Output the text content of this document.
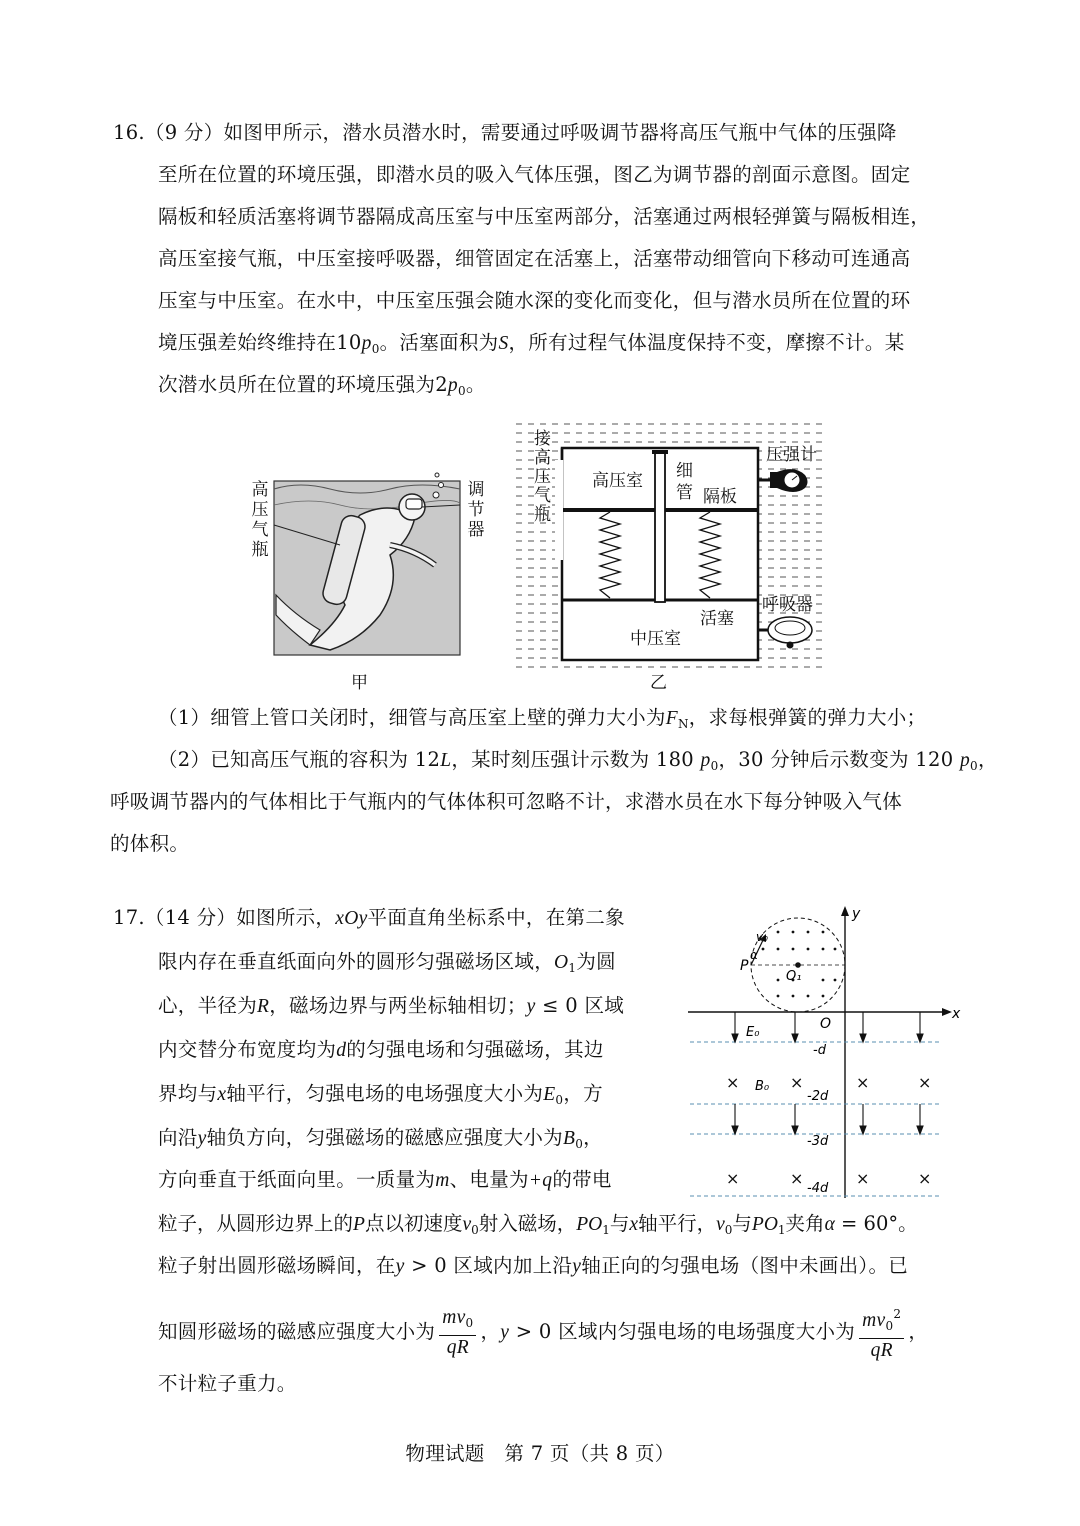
16.（9 分）如图甲所示，潜水员潜水时，需要通过呼吸调节器将高压气瓶中气体的压强降
至所在位置的环境压强，即潜水员的吸入气体压强，图乙为调节器的剖面示意图。固定
隔板和轻质活塞将调节器隔成高压室与中压室两部分，活塞通过两根轻弹簧与隔板相连，
高压室接气瓶，中压室接呼吸器，细管固定在活塞上，活塞带动细管向下移动可连通高
压室与中压室。在水中，中压室压强会随水深的变化而变化，但与潜水员所在位置的环
境压强差始终维持在$10p_0$。活塞面积为S，所有过程气体温度保持不变，摩擦不计。某
次潜水员所在位置的环境压强为$2p_0$。
高压气瓶
调节器
甲
接
高
压
气
瓶
高压室 细
管 隔板
压强计
活塞
呼吸器
中压室
乙
（1）细管上管口关闭时，细管与高压室上壁的弹力大小为$F_N$，求每根弹簧的弹力大小；
（2）已知高压气瓶的容积为 12L，某时刻压强计示数为 180 $p_0$，30 分钟后示数变为 120 $p_0$，
呼吸调节器内的气体相比于气瓶内的气体体积可忽略不计，求潜水员在水下每分钟吸入气体
的体积。
17.（14 分）如图所示，xOy平面直角坐标系中，在第二象
限内存在垂直纸面向外的圆形匀强磁场区域，$O_1$为圆
心，半径为R，磁场边界与两坐标轴相切；y ≤ 0 区域
内交替分布宽度均为d的匀强电场和匀强磁场，其边
界均与x轴平行，匀强电场的电场强度大小为$E_0$，方
向沿y轴负方向，匀强磁场的磁感应强度大小为$B_0$，
方向垂直于纸面向里。一质量为m、电量为+q的带电
粒子，从圆形边界上的P点以初速度$v_0$射入磁场，$PO_1$与x轴平行，$v_0$与$PO_1$夹角α = 60°。
粒子射出圆形磁场瞬间，在y > 0 区域内加上沿y轴正向的匀强电场（图中未画出）。已
知圆形磁场的磁感应强度大小为 $\frac{mv_0}{qR}$ ，y > 0 区域内匀强电场的电场强度大小为 $\frac{mv_0^2}{qR}$ ，
不计粒子重力。
P
v₀
α
O₁
y
x
O
E₀
B₀
×	×	×	×
×	×	×	×
-d
-2d
-3d
-4d
物理试题　第 7 页（共 8 页）
